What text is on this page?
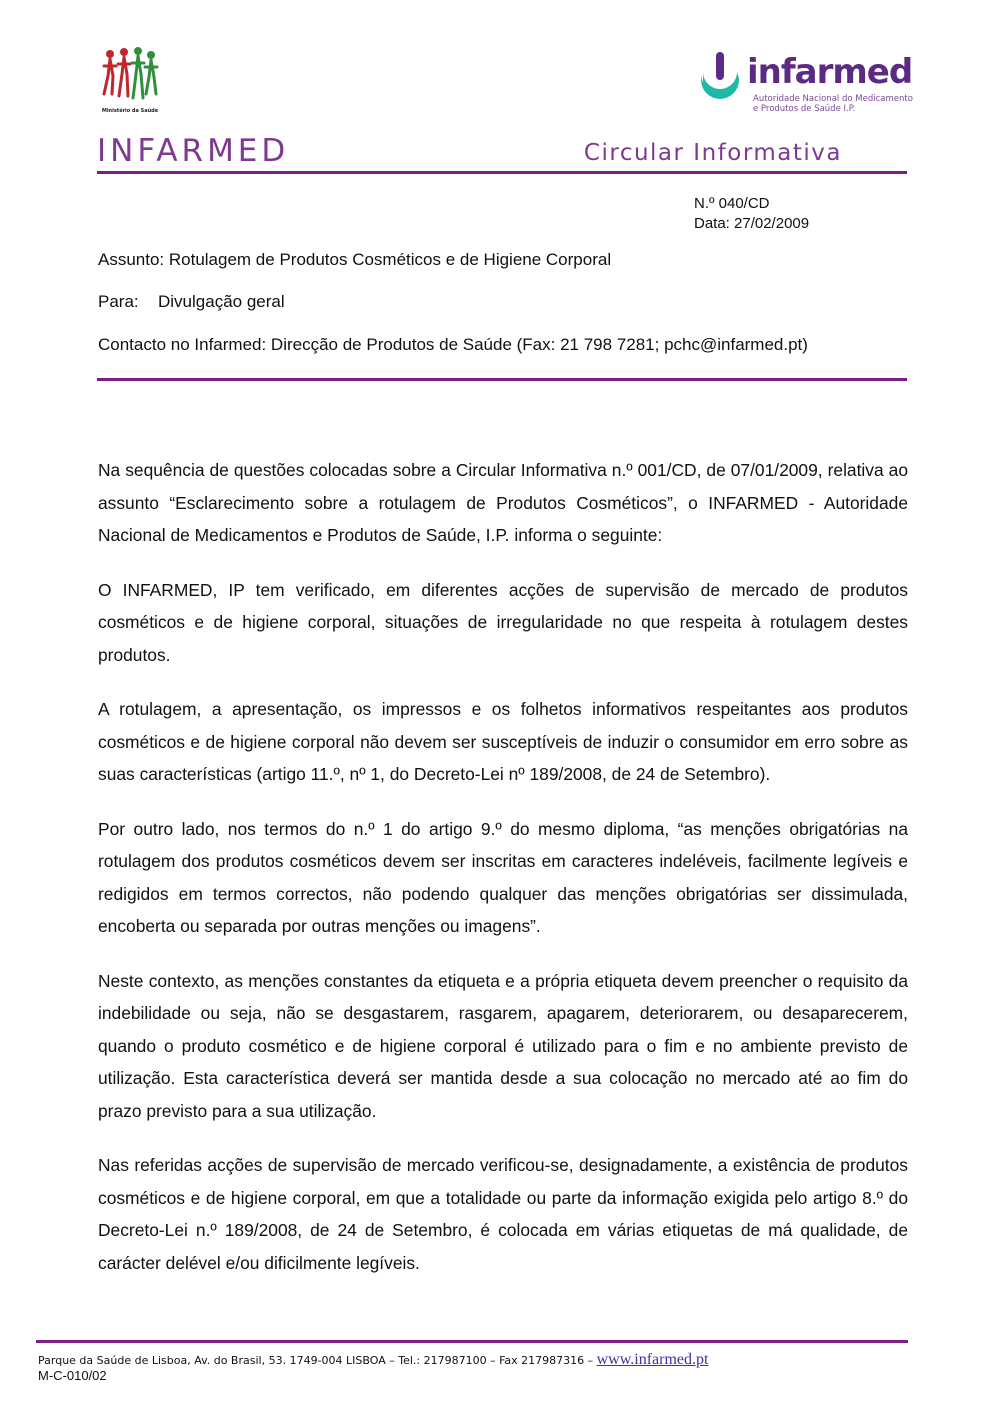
Ministério da Saúde
infarmed
Autoridade Nacional do Medicamento
e Produtos de Saúde I.P.
INFARMED	Circular Informativa
N.º 040/CD
Data: 27/02/2009
Assunto: Rotulagem de Produtos Cosméticos e de Higiene Corporal
Para: Divulgação geral
Contacto no Infarmed: Direcção de Produtos de Saúde (Fax: 21 798 7281; pchc@infarmed.pt)

Na sequência de questões colocadas sobre a Circular Informativa n.º 001/CD, de 07/01/2009, relativa ao assunto “Esclarecimento sobre a rotulagem de Produtos Cosméticos”, o INFARMED - Autoridade Nacional de Medicamentos e Produtos de Saúde, I.P. informa o seguinte:

O INFARMED, IP tem verificado, em diferentes acções de supervisão de mercado de produtos cosméticos e de higiene corporal, situações de irregularidade no que respeita à rotulagem destes produtos.

A rotulagem, a apresentação, os impressos e os folhetos informativos respeitantes aos produtos cosméticos e de higiene corporal não devem ser susceptíveis de induzir o consumidor em erro sobre as suas características (artigo 11.º, nº 1, do Decreto-Lei nº 189/2008, de 24 de Setembro).

Por outro lado, nos termos do n.º 1 do artigo 9.º do mesmo diploma, “as menções obrigatórias na rotulagem dos produtos cosméticos devem ser inscritas em caracteres indeléveis, facilmente legíveis e redigidos em termos correctos, não podendo qualquer das menções obrigatórias ser dissimulada, encoberta ou separada por outras menções ou imagens”.

Neste contexto, as menções constantes da etiqueta e a própria etiqueta devem preencher o requisito da indebilidade ou seja, não se desgastarem, rasgarem, apagarem, deteriorarem, ou desaparecerem, quando o produto cosmético e de higiene corporal é utilizado para o fim e no ambiente previsto de utilização. Esta característica deverá ser mantida desde a sua colocação no mercado até ao fim do prazo previsto para a sua utilização.

Nas referidas acções de supervisão de mercado verificou-se, designadamente, a existência de produtos cosméticos e de higiene corporal, em que a totalidade ou parte da informação exigida pelo artigo 8.º do Decreto-Lei n.º 189/2008, de 24 de Setembro, é colocada em várias etiquetas de má qualidade, de carácter delével e/ou dificilmente legíveis.

Parque da Saúde de Lisboa, Av. do Brasil, 53. 1749-004 LISBOA – Tel.: 217987100 – Fax 217987316 – www.infarmed.pt
M-C-010/02
